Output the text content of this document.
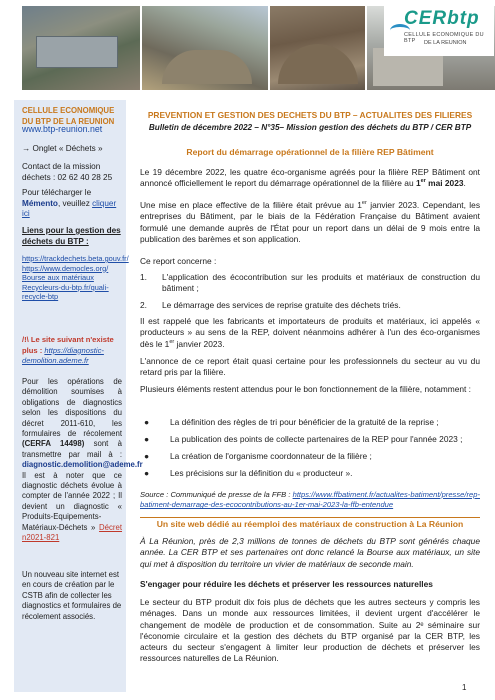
CERbtp
CELLULE ECONOMIQUE DU BTP	DE LA REUNION
CELLULE ECONOMIQUE DU BTP DE LA REUNION
www.btp-reunion.net
→ Onglet « Déchets »
Contact de la mission déchets : 02 62 40 28 25
Pour télécharger le Mémento, veuillez cliquer ici
Liens pour la gestion des déchets du BTP :
https://trackdechets.beta.gouv.fr/
https://www.democles.org/
Bourse aux matériaux Recycleurs-du-btp.fr/quali-recycle-btp
/!\ Le site suivant n'existe plus : https://diagnostic-demolition.ademe.fr
Pour les opérations de démolition soumises à obligations de diagnostics selon les dispositions du décret 2011-610, les formulaires de récolement (CERFA 14498) sont à transmettre par mail à : diagnostic.demolition@ademe.fr Il est à noter que ce diagnostic déchets évolue à compter de l'année 2022 ; Il devient un diagnostic « Produits-Equipements-Matériaux-Déchets » Décret n2021-821
Un nouveau site internet est en cours de création par le CSTB afin de collecter les diagnostics et formulaires de récolement associés.
PREVENTION ET GESTION DES DECHETS DU BTP – ACTUALITES DES FILIERES
Bulletin de décembre 2022 – N°35– Mission gestion des déchets du BTP / CER BTP
Report du démarrage opérationnel de la filière REP Bâtiment
Le 19 décembre 2022, les quatre éco-organisme agréés pour la filière REP Bâtiment ont annoncé officiellement le report du démarrage opérationnel de la filière au 1er mai 2023.
Une mise en place effective de la filière était prévue au 1er janvier 2023. Cependant, les entreprises du Bâtiment, par le biais de la Fédération Française du Bâtiment avaient formulé une demande auprès de l'État pour un report dans un délai de 9 mois entre la publication des barèmes et son application.
Ce report concerne :
1.	L'application des écocontribution sur les produits et matériaux de construction du bâtiment ;
2.	Le démarrage des services de reprise gratuite des déchets triés.
Il est rappelé que les fabricants et importateurs de produits et matériaux, ici appelés « producteurs » au sens de la REP, doivent néanmoins adhérer à l'un des éco-organismes dès le 1er janvier 2023.
L'annonce de ce report était quasi certaine pour les professionnels du secteur au vu du retard pris par la filière.
Plusieurs éléments restent attendus pour le bon fonctionnement de la filière, notamment :
●	La définition des règles de tri pour bénéficier de la gratuité de la reprise ;
●	La publication des points de collecte partenaires de la REP pour l'année 2023 ;
●	La création de l'organisme coordonnateur de la filière ;
●	Les précisions sur la définition du « producteur ».
Source : Communiqué de presse de la FFB : https://www.ffbatiment.fr/actualites-batiment/presse/rep-batiment-demarrage-des-ecocontributions-au-1er-mai-2023-la-ffb-entendue
Un site web dédié au réemploi des matériaux de construction à La Réunion
À La Réunion, près de 2,3 millions de tonnes de déchets du BTP sont générés chaque année. La CER BTP et ses partenaires ont donc relancé la Bourse aux matériaux, un site qui met à disposition du territoire un vivier de matériaux de seconde main.
S'engager pour réduire les déchets et préserver les ressources naturelles
Le secteur du BTP produit dix fois plus de déchets que les autres secteurs y compris les ménages. Dans un monde aux ressources limitées, il devient urgent d'accélérer le changement de modèle de production et de consommation. Suite au 2ᵉ séminaire sur l'économie circulaire et la gestion des déchets du BTP organisé par la CER BTP, les acteurs du secteur s'engagent à limiter leur production de déchets et préserver les ressources naturelles de La Réunion.
1
